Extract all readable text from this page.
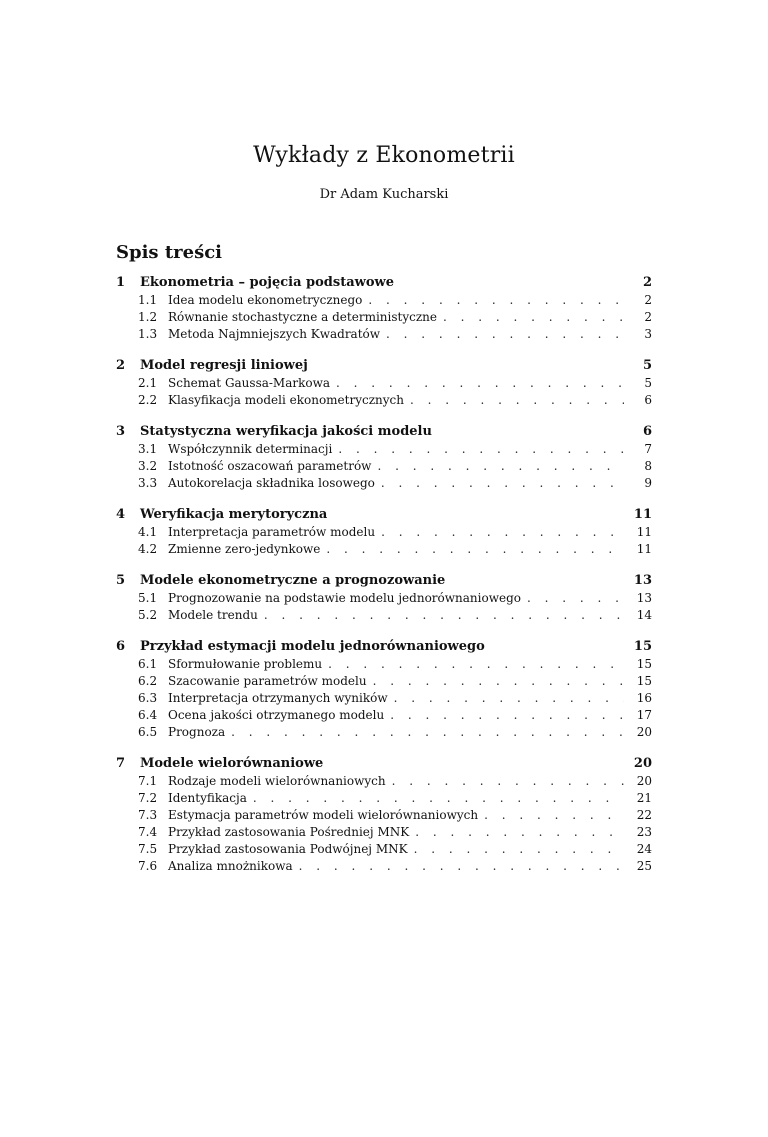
Wykłady z Ekonometrii
Dr Adam Kucharski
Spis treści
1	Ekonometria – pojęcia podstawowe	2
1.1 Idea modelu ekonometrycznego . . .	2
1.2 Równanie stochastyczne a deterministyczne . . .	2
1.3 Metoda Najmniejszych Kwadratów . . .	3
2	Model regresji liniowej	5
2.1 Schemat Gaussa-Markowa . . .	5
2.2 Klasyfikacja modeli ekonometrycznych . . .	6
3	Statystyczna weryfikacja jakości modelu	6
3.1 Współczynnik determinacji . . .	7
3.2 Istotność oszacowań parametrów . . .	8
3.3 Autokorelacja składnika losowego . . .	9
4	Weryfikacja merytoryczna	11
4.1 Interpretacja parametrów modelu . . .	11
4.2 Zmienne zero-jedynkowe . . .	11
5	Modele ekonometryczne a prognozowanie	13
5.1 Prognozowanie na podstawie modelu jednorównaniowego . . .	13
5.2 Modele trendu . . .	14
6	Przykład estymacji modelu jednorównaniowego	15
6.1 Sformułowanie problemu . . .	15
6.2 Szacowanie parametrów modelu . . .	15
6.3 Interpretacja otrzymanych wyników . . .	16
6.4 Ocena jakości otrzymanego modelu . . .	17
6.5 Prognoza . . .	20
7	Modele wielorównaniowe	20
7.1 Rodzaje modeli wielorównaniowych . . .	20
7.2 Identyfikacja . . .	21
7.3 Estymacja parametrów modeli wielorównaniowych . . .	22
7.4 Przykład zastosowania Pośredniej MNK . . .	23
7.5 Przykład zastosowania Podwójnej MNK . . .	24
7.6 Analiza mnożnikowa . . .	25
